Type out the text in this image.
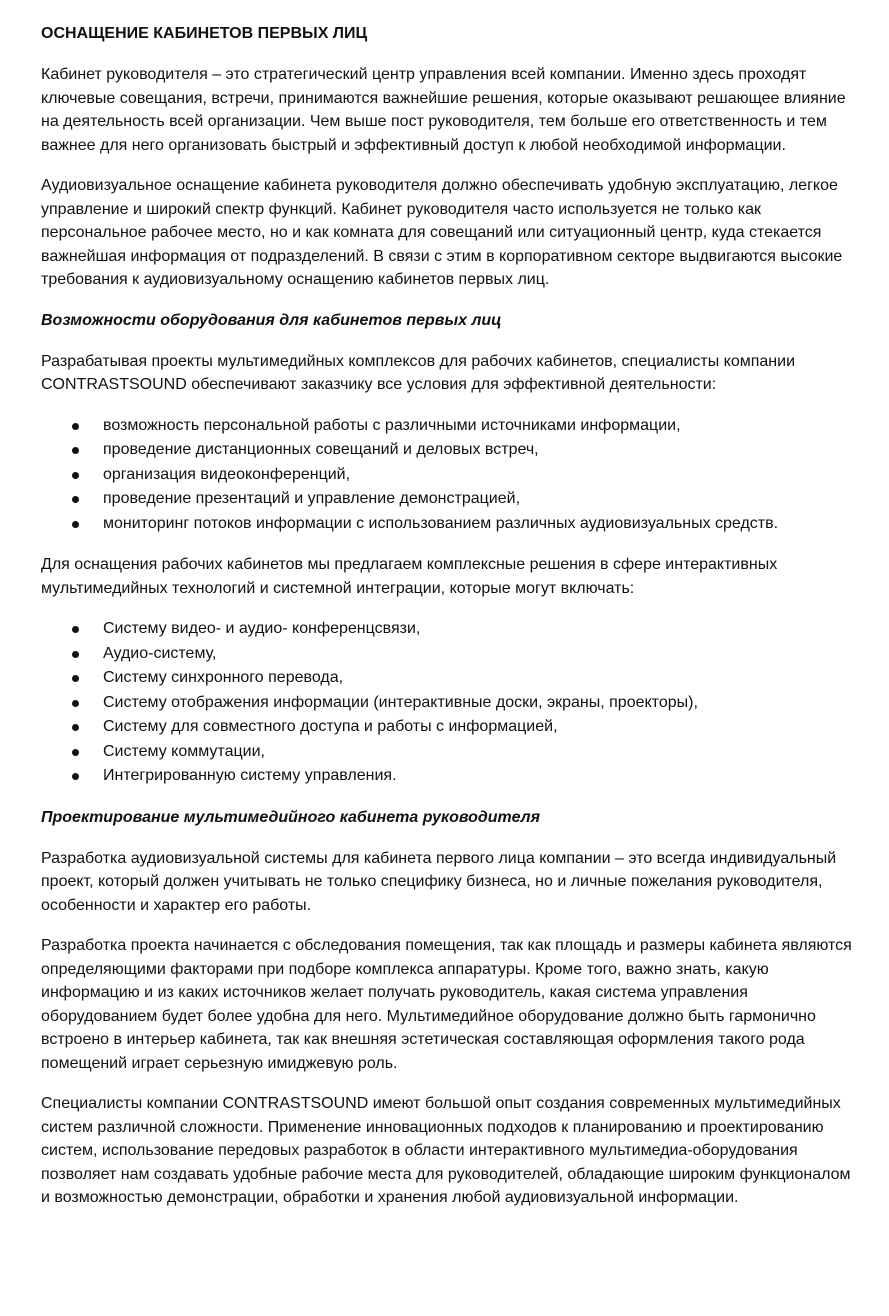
ОСНАЩЕНИЕ КАБИНЕТОВ ПЕРВЫХ ЛИЦ

Кабинет руководителя – это стратегический центр управления всей компании. Именно здесь проходят ключевые совещания, встречи, принимаются важнейшие решения, которые оказывают решающее влияние на деятельность всей организации. Чем выше пост руководителя, тем больше его ответственность и тем важнее для него организовать быстрый и эффективный доступ к любой необходимой информации.

Аудиовизуальное оснащение кабинета руководителя должно обеспечивать удобную эксплуатацию, легкое управление и широкий спектр функций. Кабинет руководителя часто используется не только как персональное рабочее место, но и как комната для совещаний или ситуационный центр, куда стекается важнейшая информация от подразделений. В связи с этим в корпоративном секторе выдвигаются высокие требования к аудиовизуальному оснащению кабинетов первых лиц.

Возможности оборудования для кабинетов первых лиц

Разрабатывая проекты мультимедийных комплексов для рабочих кабинетов, специалисты компании CONTRASTSOUND обеспечивают заказчику все условия для эффективной деятельности:

возможность персональной работы с различными источниками информации,
проведение дистанционных совещаний и деловых встреч,
организация видеоконференций,
проведение презентаций и управление демонстрацией,
мониторинг потоков информации с использованием различных аудиовизуальных средств.

Для оснащения рабочих кабинетов мы предлагаем комплексные решения в сфере интерактивных мультимедийных технологий и системной интеграции, которые могут включать:

Систему видео- и аудио- конференцсвязи,
Аудио-систему,
Систему синхронного перевода,
Систему отображения информации (интерактивные доски, экраны, проекторы),
Систему для совместного доступа и работы с информацией,
Систему коммутации,
Интегрированную систему управления.
Проектирование мультимедийного кабинета руководителя

Разработка аудиовизуальной системы для кабинета первого лица компании – это всегда индивидуальный проект, который должен учитывать не только специфику бизнеса, но и личные пожелания руководителя, особенности и характер его работы.

Разработка проекта начинается с обследования помещения, так как площадь и размеры кабинета являются определяющими факторами при подборе комплекса аппаратуры. Кроме того, важно знать, какую информацию и из каких источников желает получать руководитель, какая система управления оборудованием будет более удобна для него. Мультимедийное оборудование должно быть гармонично встроено в интерьер кабинета, так как внешняя эстетическая составляющая оформления такого рода помещений играет серьезную имиджевую роль.

Специалисты компании CONTRASTSOUND имеют большой опыт создания современных мультимедийных систем различной сложности. Применение инновационных подходов к планированию и проектированию систем, использование передовых разработок в области интерактивного мультимедиа-оборудования позволяет нам создавать удобные рабочие места для руководителей, обладающие широким функционалом и возможностью демонстрации, обработки и хранения любой аудиовизуальной информации.
